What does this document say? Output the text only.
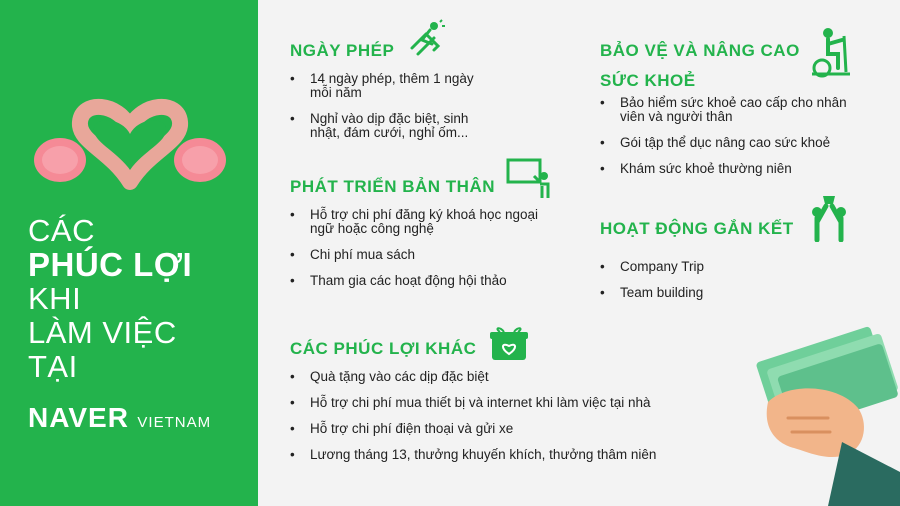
CÁC
PHÚC LỢI
KHI
LÀM VIỆC
TẠI
NAVER VIETNAM
NGÀY PHÉP
• 14 ngày phép, thêm 1 ngày mỗi năm
• Nghỉ vào dịp đặc biệt, sinh nhật, đám cưới, nghỉ ốm...
PHÁT TRIỂN BẢN THÂN
• Hỗ trợ chi phí đăng ký khoá học ngoại ngữ hoặc công nghệ
• Chi phí mua sách
• Tham gia các hoạt động hội thảo
CÁC PHÚC LỢI KHÁC
• Quà tặng vào các dịp đặc biệt
• Hỗ trợ chi phí mua thiết bị và internet khi làm việc tại nhà
• Hỗ trợ chi phí điện thoại và gửi xe
• Lương tháng 13, thưởng khuyến khích, thưởng thâm niên
BẢO VỆ VÀ NÂNG CAO
SỨC KHOẺ
• Bảo hiểm sức khoẻ cao cấp cho nhân viên và người thân
• Gói tập thể dục nâng cao sức khoẻ
• Khám sức khoẻ thường niên
HOẠT ĐỘNG GẮN KẾT
• Company Trip
• Team building
